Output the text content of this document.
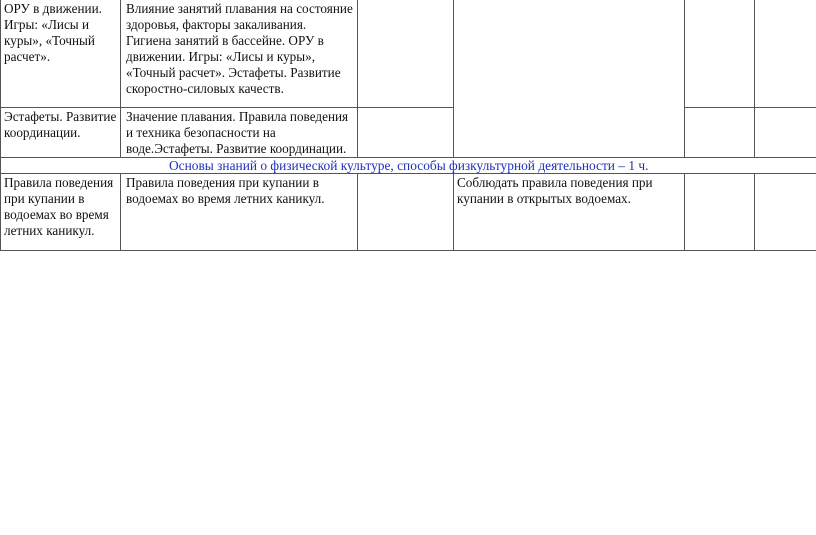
ОРУ в движении. Игры: «Лисы и куры», «Точный расчет».	Влияние занятий плавания на состояние здоровья, факторы закаливания. Гигиена занятий в бассейне. ОРУ в движении. Игры: «Лисы и куры», «Точный расчет». Эстафеты. Развитие скоростно-силовых качеств.				
Эстафеты. Развитие координации.	Значение плавания. Правила поведения и техника безопасности на воде.Эстафеты. Развитие координации.				
Основы знаний о физической культуре, способы физкультурной деятельности – 1 ч.					
Правила поведения при купании в водоемах во время летних каникул.	Правила поведения при купании в водоемах во время летних каникул.		Соблюдать правила поведения при купании в открытых водоемах.		
